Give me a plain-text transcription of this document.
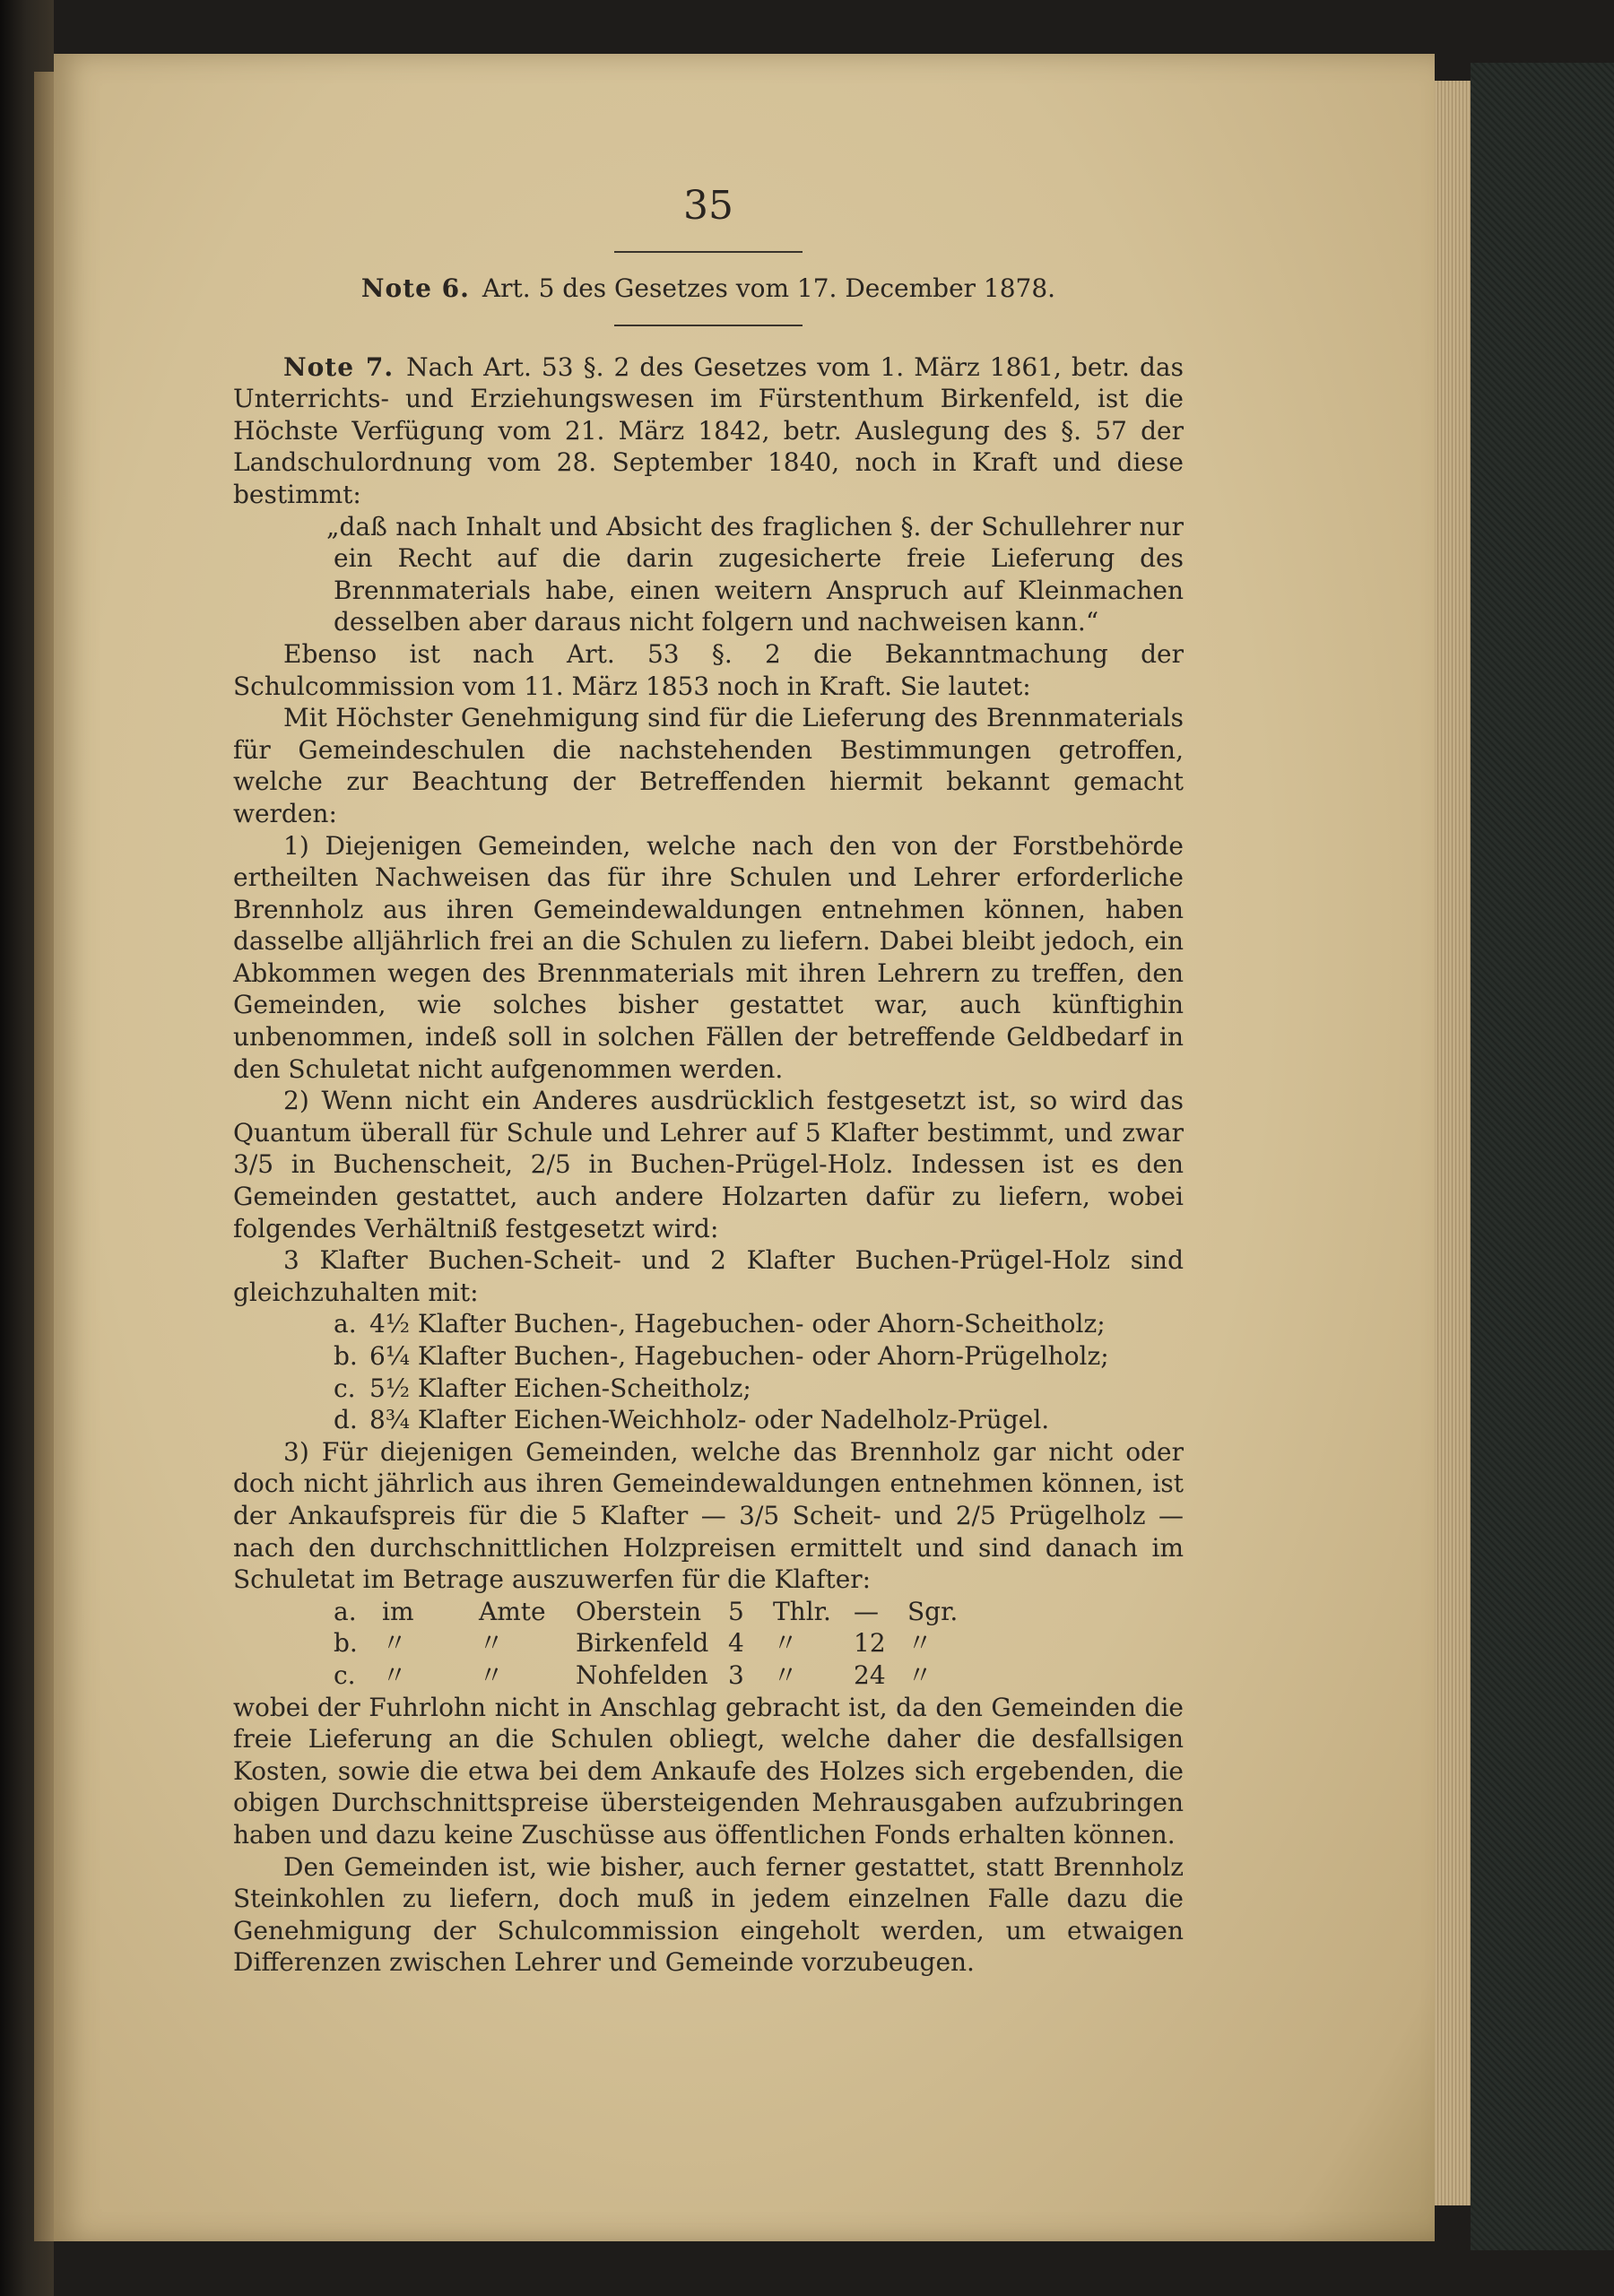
35

Note 6. Art. 5 des Gesetzes vom 17. December 1878.

Note 7. Nach Art. 53 §. 2 des Gesetzes vom 1. März 1861, betr. das Unterrichts- und Erziehungswesen im Fürstenthum Birkenfeld, ist die Höchste Verfügung vom 21. März 1842, betr. Auslegung des §. 57 der Landschulordnung vom 28. September 1840, noch in Kraft und diese bestimmt:

„daß nach Inhalt und Absicht des fraglichen §. der Schullehrer nur ein Recht auf die darin zugesicherte freie Lieferung des Brennmaterials habe, einen weitern Anspruch auf Kleinmachen desselben aber daraus nicht folgern und nachweisen kann.“

Ebenso ist nach Art. 53 §. 2 die Bekanntmachung der Schulcommission vom 11. März 1853 noch in Kraft. Sie lautet:

Mit Höchster Genehmigung sind für die Lieferung des Brennmaterials für Gemeindeschulen die nachstehenden Bestimmungen getroffen, welche zur Beachtung der Betreffenden hiermit bekannt gemacht werden:

1) Diejenigen Gemeinden, welche nach den von der Forstbehörde ertheilten Nachweisen das für ihre Schulen und Lehrer erforderliche Brennholz aus ihren Gemeindewaldungen entnehmen können, haben dasselbe alljährlich frei an die Schulen zu liefern. Dabei bleibt jedoch, ein Abkommen wegen des Brennmaterials mit ihren Lehrern zu treffen, den Gemeinden, wie solches bisher gestattet war, auch künftighin unbenommen, indeß soll in solchen Fällen der betreffende Geldbedarf in den Schuletat nicht aufgenommen werden.

2) Wenn nicht ein Anderes ausdrücklich festgesetzt ist, so wird das Quantum überall für Schule und Lehrer auf 5 Klafter bestimmt, und zwar 3/5 in Buchenscheit, 2/5 in Buchen-Prügel-Holz. Indessen ist es den Gemeinden gestattet, auch andere Holzarten dafür zu liefern, wobei folgendes Verhältniß festgesetzt wird:

3 Klafter Buchen-Scheit- und 2 Klafter Buchen-Prügel-Holz sind gleichzuhalten mit:

a. 4½ Klafter Buchen-, Hagebuchen- oder Ahorn-Scheitholz;
b. 6¼ Klafter Buchen-, Hagebuchen- oder Ahorn-Prügelholz;
c. 5½ Klafter Eichen-Scheitholz;
d. 8¾ Klafter Eichen-Weichholz- oder Nadelholz-Prügel.

3) Für diejenigen Gemeinden, welche das Brennholz gar nicht oder doch nicht jährlich aus ihren Gemeindewaldungen entnehmen können, ist der Ankaufspreis für die 5 Klafter — 3/5 Scheit- und 2/5 Prügelholz — nach den durchschnittlichen Holzpreisen ermittelt und sind danach im Schuletat im Betrage auszuwerfen für die Klafter:

a.	im	Amte	Oberstein	5	Thlr. —	Sgr.
b. 〃	〃	Birkenfeld 4	〃	12 〃
c.	〃	〃	Nohfelden 3	〃	24 〃

wobei der Fuhrlohn nicht in Anschlag gebracht ist, da den Gemeinden die freie Lieferung an die Schulen obliegt, welche daher die desfallsigen Kosten, sowie die etwa bei dem Ankaufe des Holzes sich ergebenden, die obigen Durchschnittspreise übersteigenden Mehrausgaben aufzubringen haben und dazu keine Zuschüsse aus öffentlichen Fonds erhalten können.

Den Gemeinden ist, wie bisher, auch ferner gestattet, statt Brennholz Steinkohlen zu liefern, doch muß in jedem einzelnen Falle dazu die Genehmigung der Schulcommission eingeholt werden, um etwaigen Differenzen zwischen Lehrer und Gemeinde vorzubeugen.
